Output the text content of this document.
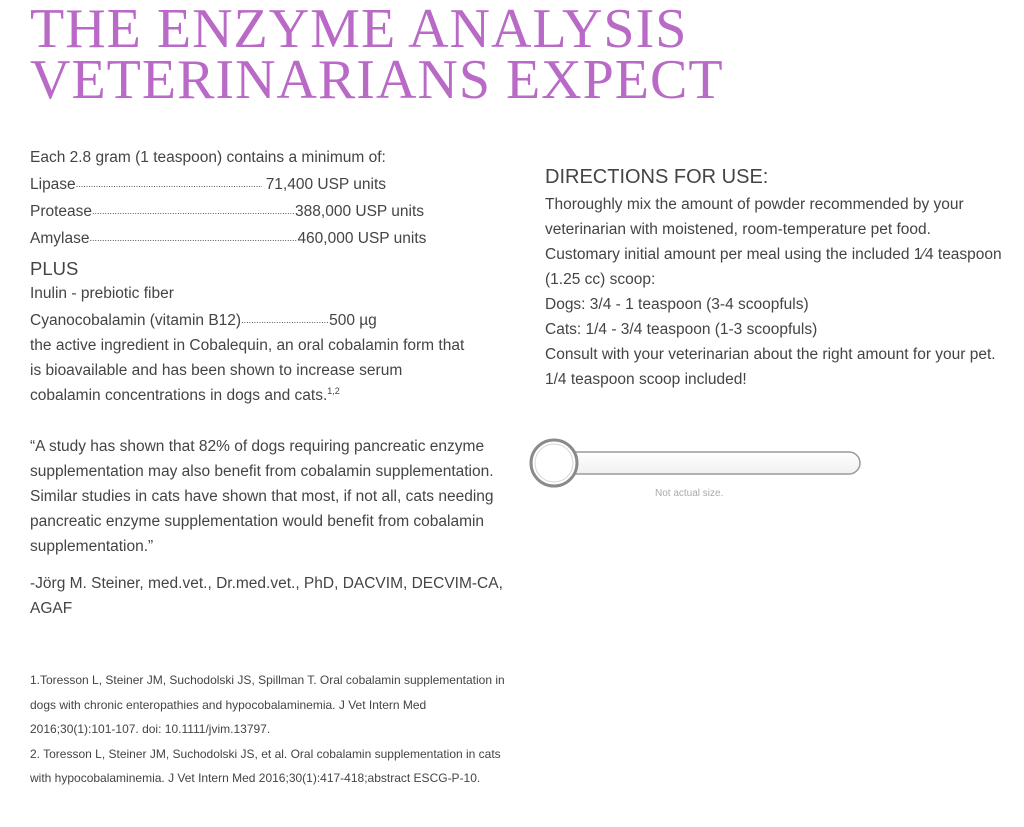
THE ENZYME ANALYSIS
VETERINARIANS EXPECT
Each 2.8 gram (1 teaspoon) contains a minimum of:
Lipase .....	71,400 USP units
Protease .....	388,000 USP units
Amylase .....	460,000 USP units
PLUS
Inulin - prebiotic fiber
Cyanocobalamin (vitamin B12) .....	500 µg
the active ingredient in Cobalequin, an oral cobalamin form that is bioavailable and has been shown to increase serum cobalamin concentrations in dogs and cats.$^{1,2}$
“A study has shown that 82% of dogs requiring pancreatic enzyme supplementation may also benefit from cobalamin supplementation. Similar studies in cats have shown that most, if not all, cats needing pancreatic enzyme supplementation would benefit from cobalamin supplementation.”
-Jörg M. Steiner, med.vet., Dr.med.vet., PhD, DACVIM, DECVIM-CA, AGAF
1.Toresson L, Steiner JM, Suchodolski JS, Spillman T. Oral cobalamin supplementation in dogs with chronic enteropathies and hypocobalaminemia. J Vet Intern Med 2016;30(1):101-107. doi: 10.1111/jvim.13797.
2. Toresson L, Steiner JM, Suchodolski JS, et al. Oral cobalamin supplementation in cats with hypocobalaminemia. J Vet Intern Med 2016;30(1):417-418;abstract ESCG-P-10.
DIRECTIONS FOR USE:
Thoroughly mix the amount of powder recommended by your veterinarian with moistened, room-temperature pet food.
Customary initial amount per meal using the included 1⁄4 teaspoon (1.25 cc) scoop:
Dogs: 3/4 - 1 teaspoon (3-4 scoopfuls)
Cats: 1/4 - 3/4 teaspoon (1-3 scoopfuls)
Consult with your veterinarian about the right amount for your pet.
1/4 teaspoon scoop included!
Not actual size.
